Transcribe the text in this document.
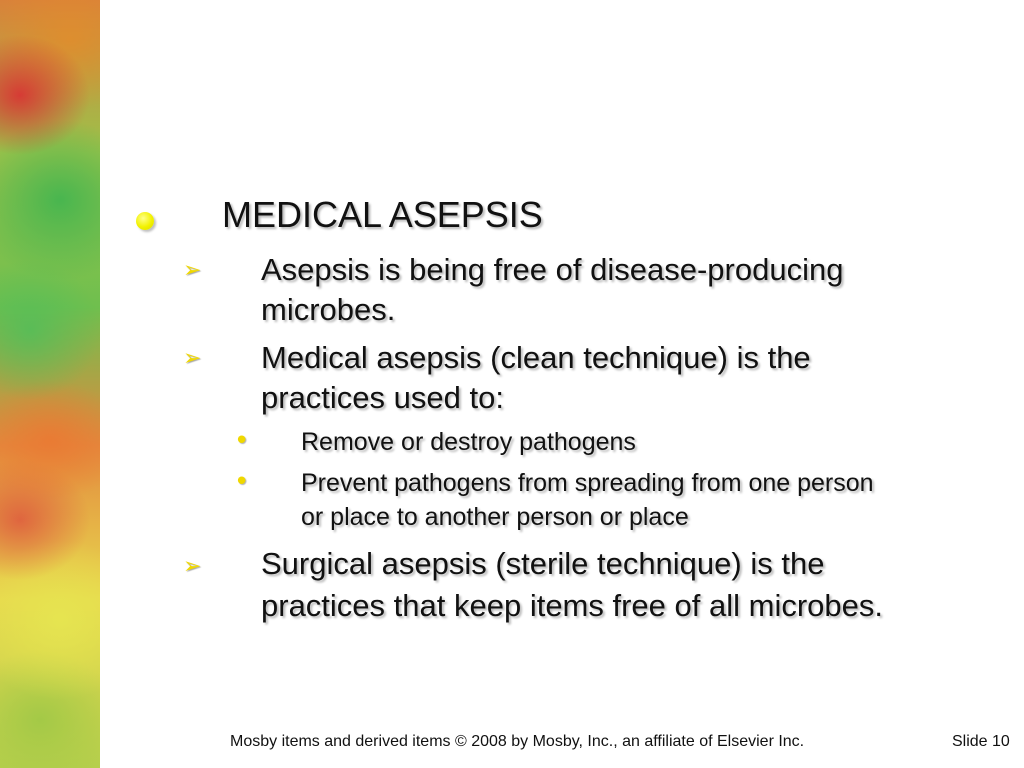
MEDICAL ASEPSIS
➢ Asepsis is being free of disease-producing
microbes.
➢ Medical asepsis (clean technique) is the
practices used to:
• Remove or destroy pathogens
• Prevent pathogens from spreading from one person
or place to another person or place
➢ Surgical asepsis (sterile technique) is the
practices that keep items free of all microbes.
Mosby items and derived items © 2008 by Mosby, Inc., an affiliate of Elsevier Inc.	Slide 10
